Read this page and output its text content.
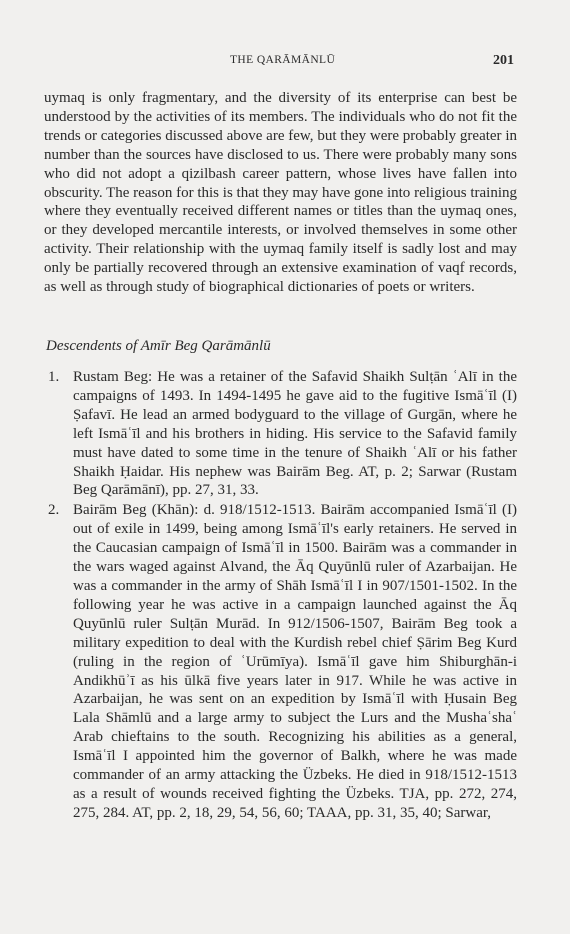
THE QARĀMĀNLŪ	201

uymaq is only fragmentary, and the diversity of its enterprise can best be understood by the activities of its members. The individuals who do not fit the trends or categories discussed above are few, but they were probably greater in number than the sources have disclosed to us. There were probably many sons who did not adopt a qizilbash career pattern, whose lives have fallen into obscurity. The reason for this is that they may have gone into religious training where they eventually received different names or titles than the uymaq ones, or they developed mercantile interests, or involved themselves in some other activity. Their relationship with the uymaq family itself is sadly lost and may only be partially recovered through an extensive examination of vaqf records, as well as through study of biographical dictionaries of poets or writers.

Descendents of Amīr Beg Qarāmānlū
1. Rustam Beg: He was a retainer of the Safavid Shaikh Sulṭān ʿAlī in the campaigns of 1493. In 1494-1495 he gave aid to the fugitive Ismāʿīl (I) Ṣafavī. He lead an armed bodyguard to the village of Gurgān, where he left Ismāʿīl and his brothers in hiding. His service to the Safavid family must have dated to some time in the tenure of Shaikh ʿAlī or his father Shaikh Ḥaidar. His nephew was Bairām Beg. AT, p. 2; Sarwar (Rustam Beg Qarāmānī), pp. 27, 31, 33.
2. Bairām Beg (Khān): d. 918/1512-1513. Bairām accompanied Ismāʿīl (I) out of exile in 1499, being among Ismāʿīl's early retainers. He served in the Caucasian campaign of Ismāʿīl in 1500. Bairām was a commander in the wars waged against Alvand, the Āq Quyūnlū ruler of Azarbaijan. He was a commander in the army of Shāh Ismāʿīl I in 907/1501-1502. In the following year he was active in a campaign launched against the Āq Quyūnlū ruler Sulṭān Murād. In 912/1506-1507, Bairām Beg took a military expedition to deal with the Kurdish rebel chief Ṣārim Beg Kurd (ruling in the region of ʿUrūmīya). Ismāʿīl gave him Shiburghān-i Andikhūʾī as his ūlkā five years later in 917. While he was active in Azarbaijan, he was sent on an expedition by Ismāʿīl with Ḥusain Beg Lala Shāmlū and a large army to subject the Lurs and the Mushaʿshaʿ Arab chieftains to the south. Recognizing his abilities as a general, Ismāʿīl I appointed him the governor of Balkh, where he was made commander of an army attacking the Üzbeks. He died in 918/1512-1513 as a result of wounds received fighting the Üzbeks. TJA, pp. 272, 274, 275, 284. AT, pp. 2, 18, 29, 54, 56, 60; TAAA, pp. 31, 35, 40; Sarwar,
